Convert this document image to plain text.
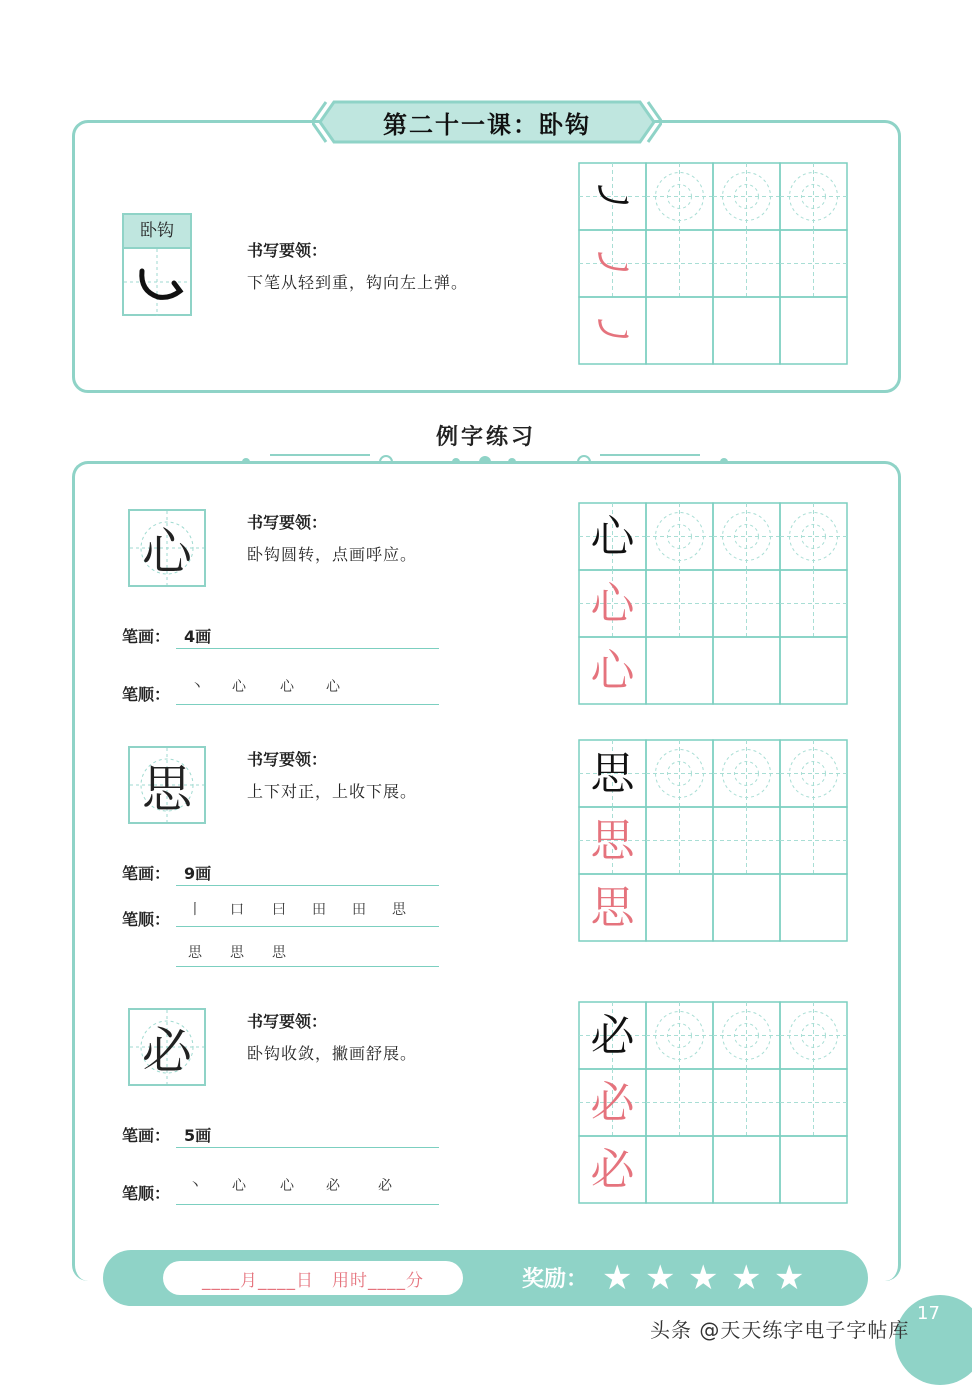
第二十一课：卧钩
卧钩
书写要领：
下笔从轻到重，钩向左上弹。
㇃
㇃
㇃
例字练习
心
书写要领：
卧钩圆转，点画呼应。
笔画： 4画
笔顺： 丶 心 心 心
心
心
心
思
书写要领：
上下对正，上收下展。
笔画： 9画
笔顺： 丨 口 曰 田 田 思
思 思 思
思
思
思
必
书写要领：
卧钩收敛，撇画舒展。
笔画： 5画
笔顺： 丶 心 心 必	必
必
必
必
____月____日　用时____分	奖励： ★ ★ ★ ★ ★
17
头条 @天天练字电子字帖库
